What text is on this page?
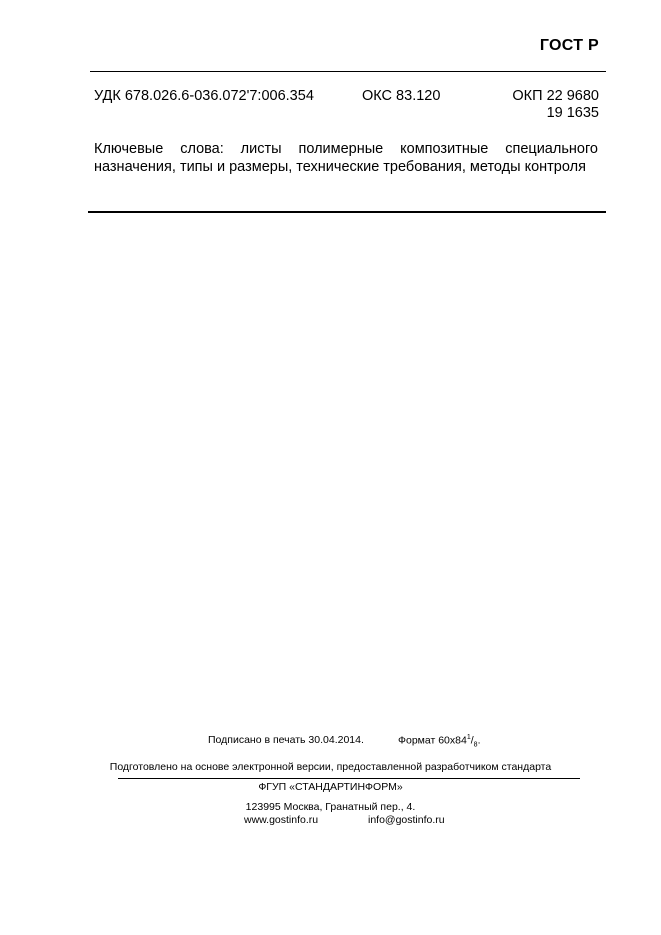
ГОСТ Р
УДК 678.026.6-036.072'7:006.354	ОКС 83.120	ОКП 22 9680
19 1635
Ключевые слова: листы полимерные композитные специального назначения, типы и размеры, технические требования, методы контроля
Подписано в печать 30.04.2014.	Формат $60х84^1/_8$.
Подготовлено на основе электронной версии, предоставленной разработчиком стандарта
ФГУП «СТАНДАРТИНФОРМ»
123995 Москва, Гранатный пер., 4.
www.gostinfo.ru	info@gostinfo.ru
